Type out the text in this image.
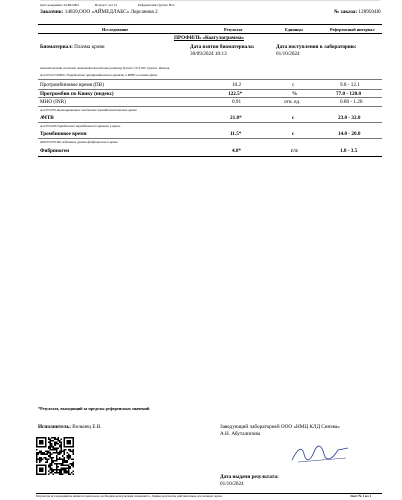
Дата рождения: 24/06/2003	Возраст: лет 21	Референсная группа: Все
Заказчик: 14839,ООО «АЙМЕДЛАБС» Лорсанова 2	№ заказа: 1289504l0
Исследование	Результат	Единицы	Референсный интервал
ПРОФИЛЬ «Коагулограмма»
Биоматериал: Плазма крови	Дата взятия биоматериала:
30/09/2024 10:13
Дата поступления в лабораторию:
01/10/2024
Аналитическая система: Автоматический коагулометр Sysmex CS-5100, Sysmex, Япония
A12.05.027.008.01 Определение протромбинового времени и МНО в плазме крови
Протромбиновое время (ПВ)	10.2	с	9.8 - 12.1
Протромбин по Квику (индекс)	122.5*	%	77.0 - 120.0
МНО (INR)	0.91	отн. ед.	0.80 - 1.20
A12.05.039 Активированное частичное тромбопластиновое время
АЧТВ	21.0*	с	23.0 - 32.0
A12.05.028 Определение тромбинового времени в крови
Тромбиновое время	11.5*	с	14.0 - 20.0
A09.05.050 Исследование уровня фибриногена в крови
Фибриноген	4.8*	г/л	1.8 - 3.5
*Результат, выходящий за пределы референсных значений
Исполнитель: Вольнец Е.В.	Заведующий лабораторией ООО «НМЦ КЛД Синэва»
А.Н. Абуталипова
Дата выдачи результата:
01/10/2024
Результаты исследований не являются диагнозом, необходима консультация специалиста. Данные результаты действительны для лечащего врача.	Лист № 1 из 1
